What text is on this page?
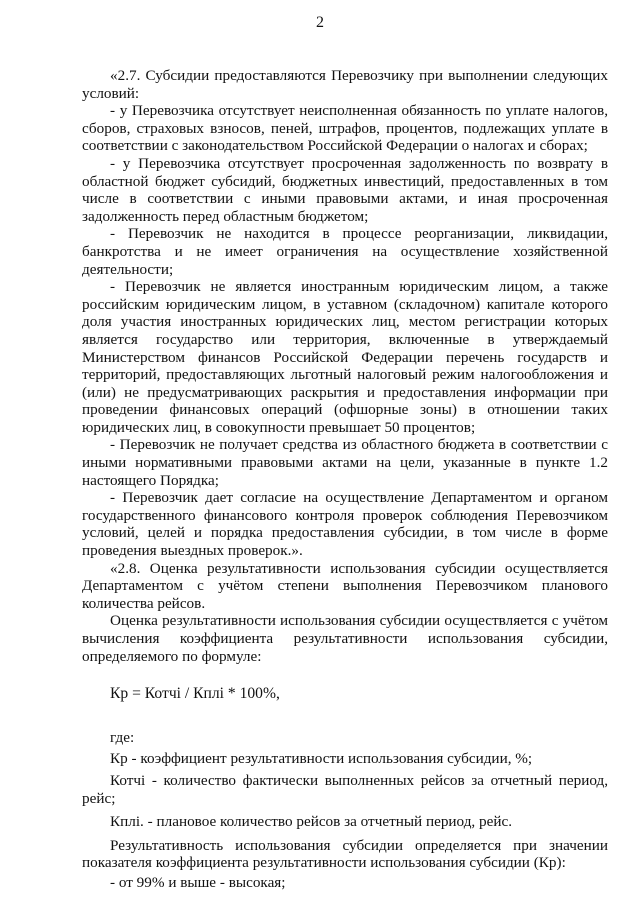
2

«2.7. Субсидии предоставляются Перевозчику при выполнении следующих условий:

- у Перевозчика отсутствует неисполненная обязанность по уплате налогов, сборов, страховых взносов, пеней, штрафов, процентов, подлежащих уплате в соответствии с законодательством Российской Федерации о налогах и сборах;

- у Перевозчика отсутствует просроченная задолженность по возврату в областной бюджет субсидий, бюджетных инвестиций, предоставленных в том числе в соответствии с иными правовыми актами, и иная просроченная задолженность перед областным бюджетом;

- Перевозчик не находится в процессе реорганизации, ликвидации, банкротства и не имеет ограничения на осуществление хозяйственной деятельности;

- Перевозчик не является иностранным юридическим лицом, а также российским юридическим лицом, в уставном (складочном) капитале которого доля участия иностранных юридических лиц, местом регистрации которых является государство или территория, включенные в утверждаемый Министерством финансов Российской Федерации перечень государств и территорий, предоставляющих льготный налоговый режим налогообложения и (или) не предусматривающих раскрытия и предоставления информации при проведении финансовых операций (офшорные зоны) в отношении таких юридических лиц, в совокупности превышает 50 процентов;

- Перевозчик не получает средства из областного бюджета в соответствии с иными нормативными правовыми актами на цели, указанные в пункте 1.2 настоящего Порядка;

- Перевозчик дает согласие на осуществление Департаментом и органом государственного финансового контроля проверок соблюдения Перевозчиком условий, целей и порядка предоставления субсидии, в том числе в форме проведения выездных проверок.».

«2.8. Оценка результативности использования субсидии осуществляется Департаментом с учётом степени выполнения Перевозчиком планового количества рейсов.

Оценка результативности использования субсидии осуществляется с учётом вычисления коэффициента результативности использования субсидии, определяемого по формуле:

Кр = Котчi / Кплi * 100%,

где:

Кр - коэффициент результативности использования субсидии, %;

Котчi - количество фактически выполненных рейсов за отчетный период, рейс;

Кплi. - плановое количество рейсов за отчетный период, рейс.

Результативность использования субсидии определяется при значении показателя коэффициента результативности использования субсидии (Кр):

- от 99% и выше - высокая;
